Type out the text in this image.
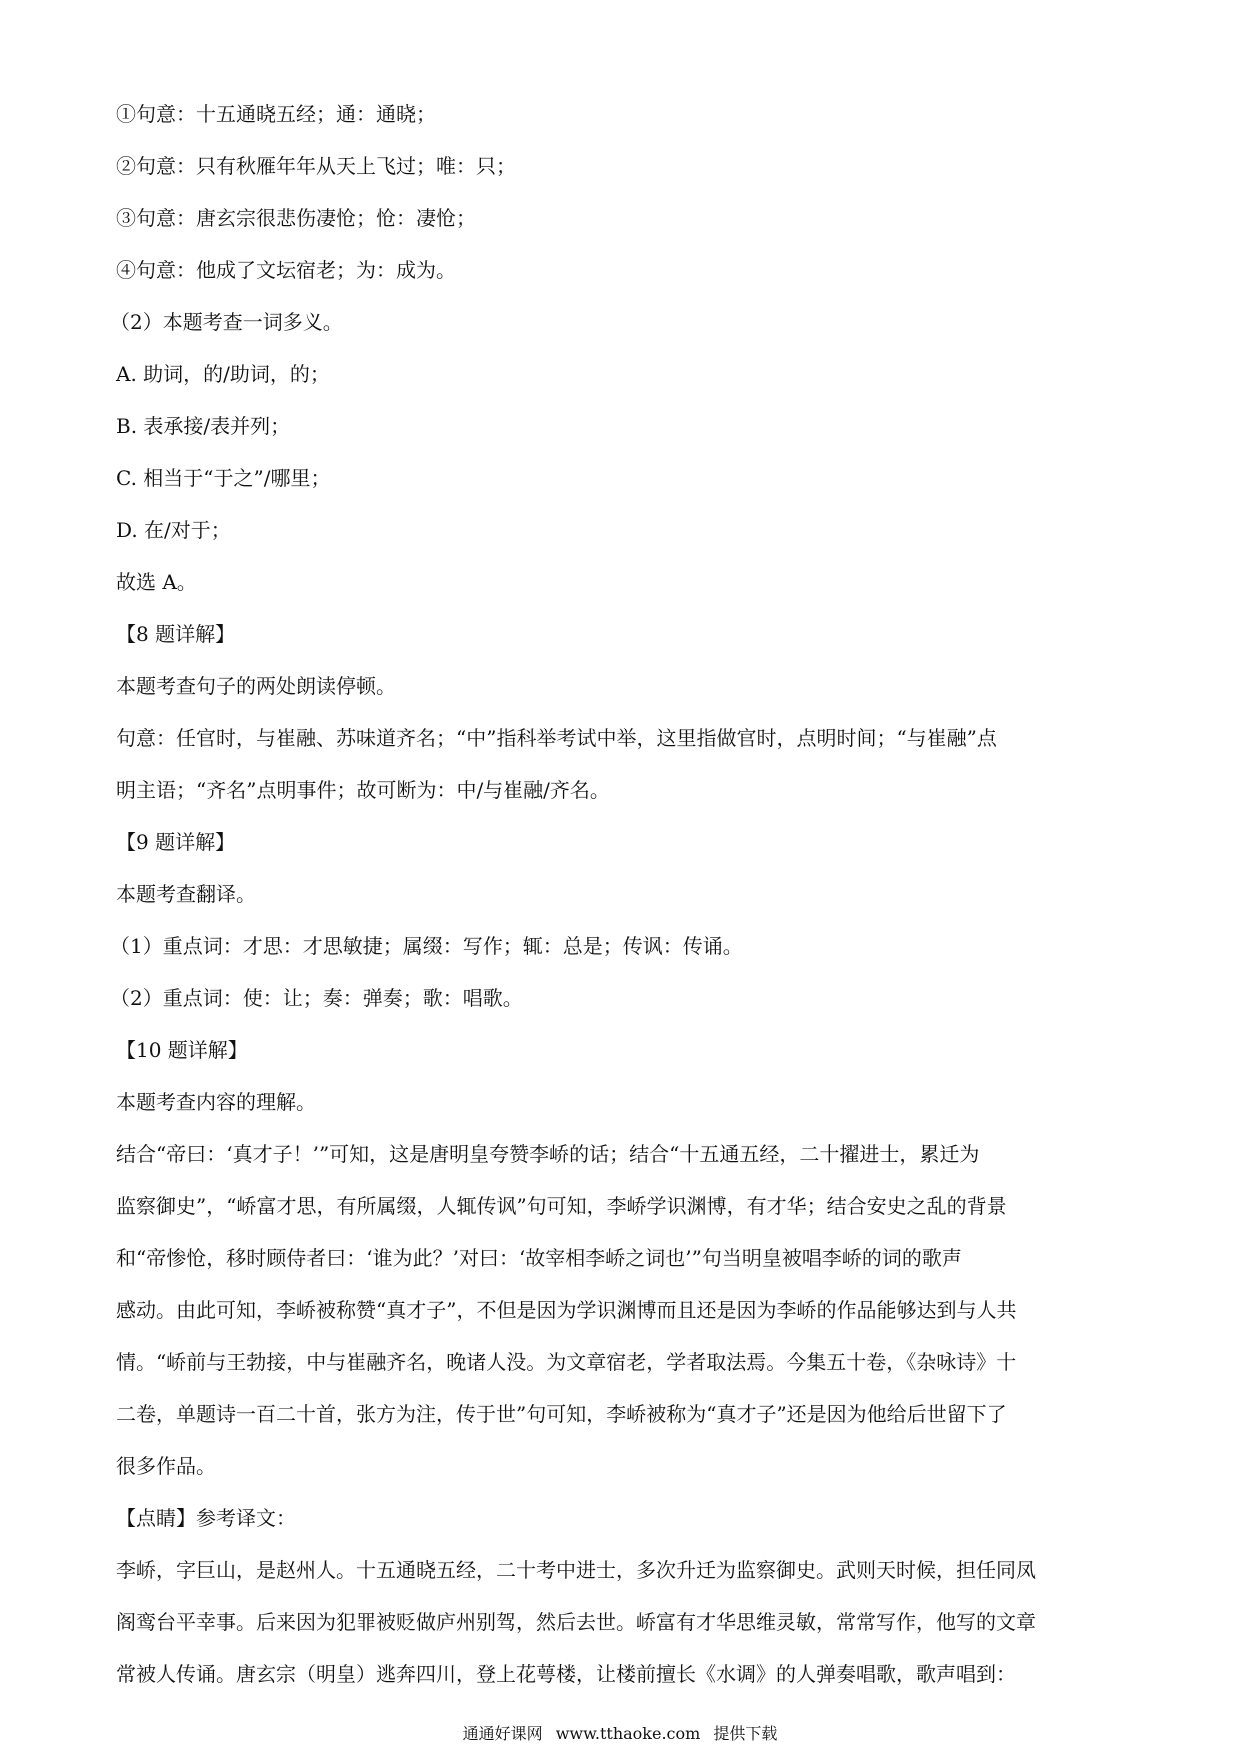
①句意：十五通晓五经；通：通晓；
②句意：只有秋雁年年从天上飞过；唯：只；
③句意：唐玄宗很悲伤凄怆；怆：凄怆；
④句意：他成了文坛宿老；为：成为。
（2）本题考查一词多义。
A. 助词，的/助词，的；
B. 表承接/表并列；
C. 相当于“于之”/哪里；
D. 在/对于；
故选 A。
【8 题详解】
本题考查句子的两处朗读停顿。
句意：任官时，与崔融、苏味道齐名；“中”指科举考试中举，这里指做官时，点明时间；“与崔融”点
明主语；“齐名”点明事件；故可断为：中/与崔融/齐名。
【9 题详解】
本题考查翻译。
（1）重点词：才思：才思敏捷；属缀：写作；辄：总是；传讽：传诵。
（2）重点词：使：让；奏：弹奏；歌：唱歌。
【10 题详解】
本题考查内容的理解。
结合“帝曰：‘真才子！’”可知，这是唐明皇夸赞李峤的话；结合“十五通五经，二十擢进士，累迁为
监察御史”，“峤富才思，有所属缀，人辄传讽”句可知，李峤学识渊博，有才华；结合安史之乱的背景
和“帝惨怆，移时顾侍者曰：‘谁为此？’对曰：‘故宰相李峤之词也’”句当明皇被唱李峤的词的歌声
感动。由此可知，李峤被称赞“真才子”，不但是因为学识渊博而且还是因为李峤的作品能够达到与人共
情。“峤前与王勃接，中与崔融齐名，晚诸人没。为文章宿老，学者取法焉。今集五十卷，《杂咏诗》十
二卷，单题诗一百二十首，张方为注，传于世”句可知，李峤被称为“真才子”还是因为他给后世留下了
很多作品。
【点睛】参考译文：
李峤，字巨山，是赵州人。十五通晓五经，二十考中进士，多次升迁为监察御史。武则天时候，担任同凤
阁鸾台平幸事。后来因为犯罪被贬做庐州别驾，然后去世。峤富有才华思维灵敏，常常写作，他写的文章
常被人传诵。唐玄宗（明皇）逃奔四川，登上花萼楼，让楼前擅长《水调》的人弹奏唱歌，歌声唱到：
通通好课网 www.tthaoke.com 提供下载
